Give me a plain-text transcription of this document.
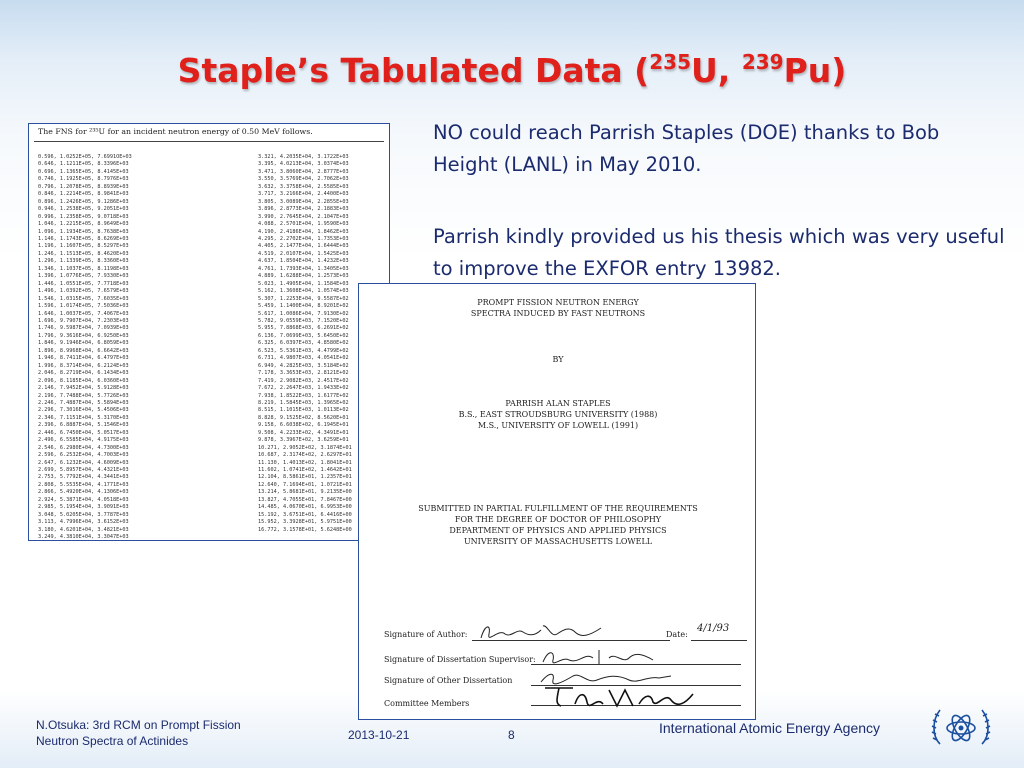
Staple’s Tabulated Data ($^{235}$U, $^{239}$Pu)

NO could reach Parrish Staples (DOE) thanks to Bob Height (LANL) in May 2010.

Parrish kindly provided us his thesis which was very useful to improve the EXFOR entry 13982.

The FNS for ²³⁵U for an incident neutron energy of 0.50 MeV follows.
0.596, 1.0252E+05, 7.6991OE+03
0.646, 1.1211E+05, 8.3396E+03
0.696, 1.1365E+05, 8.4145E+03
0.746, 1.1925E+05, 8.7976E+03
0.796, 1.2078E+05, 8.8939E+03
0.846, 1.2214E+05, 8.9841E+03
0.896, 1.2426E+05, 9.1286E+03
0.946, 1.2538E+05, 9.2051E+03
0.996, 1.2358E+05, 9.0718E+03
1.046, 1.2215E+05, 8.9649E+03
1.096, 1.1934E+05, 8.7638E+03
1.146, 1.1743E+05, 8.6269E+03
1.196, 1.1607E+05, 8.5297E+03
1.246, 1.1513E+05, 8.4620E+03
1.296, 1.1339E+05, 8.3360E+03
1.346, 1.1037E+05, 8.1198E+03
1.396, 1.0776E+05, 7.9330E+03
1.446, 1.0551E+05, 7.7718E+03
1.496, 1.0392E+05, 7.6579E+03
1.546, 1.0315E+05, 7.6035E+03
1.596, 1.0174E+05, 7.5036E+03
1.646, 1.0037E+05, 7.4067E+03
1.696, 9.7907E+04, 7.2303E+03
1.746, 9.5987E+04, 7.0939E+03
1.796, 9.3616E+04, 6.9250E+03
1.846, 9.1946E+04, 6.8059E+03
1.896, 8.9968E+04, 6.6642E+03
1.946, 8.7411E+04, 6.4797E+03
1.996, 8.3714E+04, 6.2124E+03
2.046, 8.2719E+04, 6.1434E+03
2.096, 8.1185E+04, 6.0360E+03
2.146, 7.9452E+04, 5.9128E+03
2.196, 7.7488E+04, 5.7726E+03
2.246, 7.4887E+04, 5.5894E+03
2.296, 7.3016E+04, 5.4506E+03
2.346, 7.1151E+04, 5.3170E+03
2.396, 6.8887E+04, 5.1546E+03
2.446, 6.7450E+04, 5.0517E+03
2.496, 6.5585E+04, 4.9175E+03
2.546, 6.2980E+04, 4.7300E+03
2.596, 6.2532E+04, 4.7003E+03
2.647, 6.1232E+04, 4.6009E+03
2.699, 5.8957E+04, 4.4321E+03
2.753, 5.7792E+04, 4.3441E+03
2.808, 5.5535E+04, 4.1771E+03
2.866, 5.4920E+04, 4.1306E+03
2.924, 5.3871E+04, 4.0518E+03
2.985, 5.1954E+04, 3.9091E+03
3.048, 5.0205E+04, 3.7787E+03
3.113, 4.7996E+04, 3.6152E+03
3.180, 4.6201E+04, 3.4821E+03
3.249, 4.3810E+04, 3.3047E+03
3.321, 4.2035E+04, 3.1722E+03
3.395, 4.0213E+04, 3.0374E+03
3.471, 3.8060E+04, 2.8777E+03
3.550, 3.5769E+04, 2.7062E+03
3.632, 3.3758E+04, 2.5585E+03
3.717, 3.2166E+04, 2.4400E+03
3.805, 3.0089E+04, 2.2855E+03
3.896, 2.8773E+04, 2.1883E+03
3.990, 2.7645E+04, 2.1047E+03
4.088, 2.5701E+04, 1.9590E+03
4.190, 2.4186E+04, 1.8462E+03
4.295, 2.2702E+04, 1.7353E+03
4.405, 2.1477E+04, 1.6444E+03
4.519, 2.0107E+04, 1.5425E+03
4.637, 1.8504E+04, 1.4232E+03
4.761, 1.7393E+04, 1.3405E+03
4.889, 1.6288E+04, 1.2573E+03
5.023, 1.4905E+04, 1.1584E+03
5.162, 1.3608E+04, 1.0574E+03
5.307, 1.2253E+04, 9.5587E+02
5.459, 1.1400E+04, 8.9201E+02
5.617, 1.0086E+04, 7.9130E+02
5.782, 9.0559E+03, 7.1520E+02
5.955, 7.8868E+03, 6.2691E+02
6.136, 7.0699E+03, 5.6450E+02
6.325, 6.0397E+03, 4.8580E+02
6.523, 5.5361E+03, 4.4799E+02
6.731, 4.9807E+03, 4.0541E+02
6.949, 4.2825E+03, 3.5184E+02
7.178, 3.3653E+03, 2.8121E+02
7.419, 2.9082E+03, 2.4517E+02
7.672, 2.2647E+03, 1.9433E+02
7.938, 1.8522E+03, 1.6177E+02
8.219, 1.5845E+03, 1.3965E+02
8.515, 1.1015E+03, 1.0113E+02
8.828, 9.1525E+02, 8.5620E+01
9.158, 6.6038E+02, 6.1945E+01
9.508, 4.2233E+02, 4.3491E+01
9.878, 3.3967E+02, 3.6259E+01
10.271, 2.9052E+02, 3.1874E+01
10.687, 2.3174E+02, 2.6297E+01
11.130, 1.4013E+02, 1.8041E+01
11.602, 1.0741E+02, 1.4642E+01
12.104, 8.5861E+01, 1.2357E+01
12.640, 7.1694E+01, 1.0721E+01
13.214, 5.8681E+01, 9.2135E+00
13.827, 4.7055E+01, 7.8467E+00
14.485, 4.0670E+01, 6.9953E+00
15.192, 3.6751E+01, 6.4416E+00
15.952, 3.3928E+01, 5.9751E+00
16.772, 3.1578E+01, 5.6248E+00
PROMPT FISSION NEUTRON ENERGY
SPECTRA INDUCED BY FAST NEUTRONS
BY
PARRISH ALAN STAPLES
B.S., EAST STROUDSBURG UNIVERSITY (1988)
M.S., UNIVERSITY OF LOWELL (1991)
SUBMITTED IN PARTIAL FULFILLMENT OF THE REQUIREMENTS
FOR THE DEGREE OF DOCTOR OF PHILOSOPHY
DEPARTMENT OF PHYSICS AND APPLIED PHYSICS
UNIVERSITY OF MASSACHUSETTS LOWELL
Signature of Author:	Date:
4/1/93
Signature of Dissertation Supervisor:
Signature of Other Dissertation
Committee Members
N.Otsuka: 3rd RCM on Prompt Fission
Neutron Spectra of Actinides	2013-10-21	8	International Atomic Energy Agency
